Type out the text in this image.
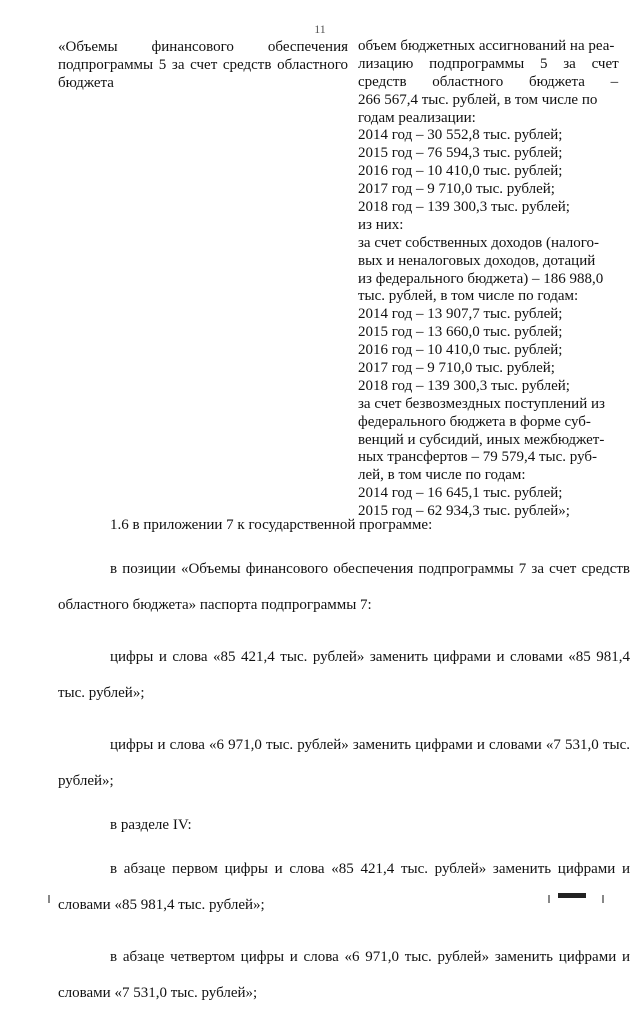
11
«Объемы финансового обеспечения подпрограммы 5 за счет средств областного бюджета
объем бюджетных ассигнований на реа-
лизацию подпрограммы 5 за счет
средств областного бюджета –
266 567,4 тыс. рублей, в том числе по
годам реализации:
2014 год – 30 552,8 тыс. рублей;
2015 год – 76 594,3 тыс. рублей;
2016 год – 10 410,0 тыс. рублей;
2017 год – 9 710,0 тыс. рублей;
2018 год – 139 300,3 тыс. рублей;
из них:
за счет собственных доходов (налого-
вых и неналоговых доходов, дотаций
из федерального бюджета) – 186 988,0
тыс. рублей, в том числе по годам:
2014 год – 13 907,7 тыс. рублей;
2015 год – 13 660,0 тыс. рублей;
2016 год – 10 410,0 тыс. рублей;
2017 год – 9 710,0 тыс. рублей;
2018 год – 139 300,3 тыс. рублей;
за счет безвозмездных поступлений из
федерального бюджета в форме суб-
венций и субсидий, иных межбюджет-
ных трансфертов – 79 579,4 тыс. руб-
лей, в том числе по годам:
2014 год – 16 645,1 тыс. рублей;
2015 год – 62 934,3 тыс. рублей»;

1.6 в приложении 7 к государственной программе:

в позиции «Объемы финансового обеспечения подпрограммы 7 за счет средств областного бюджета» паспорта подпрограммы 7:

цифры и слова «85 421,4 тыс. рублей» заменить цифрами и словами «85 981,4 тыс. рублей»;

цифры и слова «6 971,0 тыс. рублей» заменить цифрами и словами «7 531,0 тыс. рублей»;

в разделе IV:

в абзаце первом цифры и слова «85 421,4 тыс. рублей» заменить цифрами и словами «85 981,4 тыс. рублей»;

в абзаце четвертом цифры и слова «6 971,0 тыс. рублей» заменить цифрами и словами «7 531,0 тыс. рублей»;
